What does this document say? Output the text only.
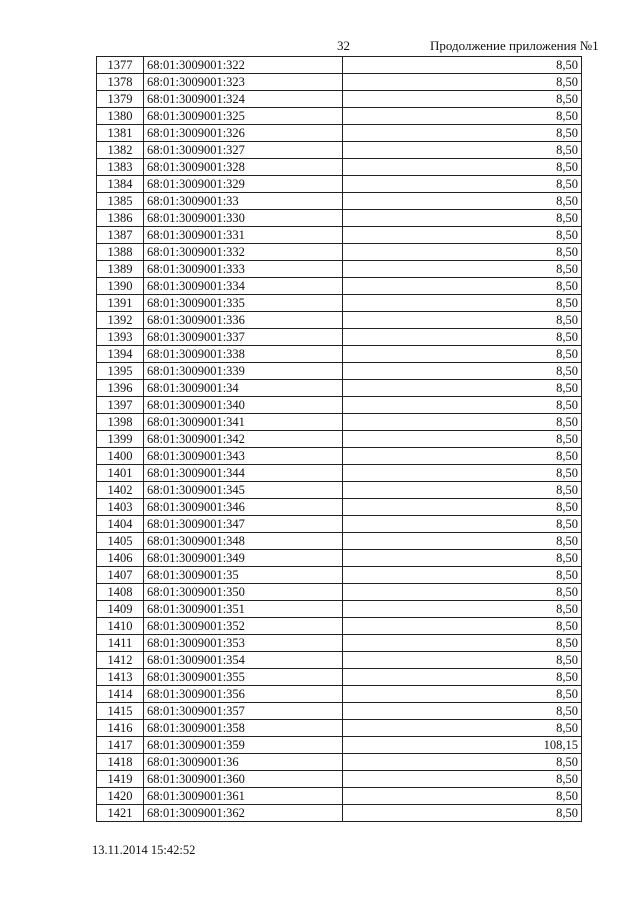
32	Продолжение приложения №1
1377	68:01:3009001:322	8,50
1378	68:01:3009001:323	8,50
1379	68:01:3009001:324	8,50
1380	68:01:3009001:325	8,50
1381	68:01:3009001:326	8,50
1382	68:01:3009001:327	8,50
1383	68:01:3009001:328	8,50
1384	68:01:3009001:329	8,50
1385	68:01:3009001:33	8,50
1386	68:01:3009001:330	8,50
1387	68:01:3009001:331	8,50
1388	68:01:3009001:332	8,50
1389	68:01:3009001:333	8,50
1390	68:01:3009001:334	8,50
1391	68:01:3009001:335	8,50
1392	68:01:3009001:336	8,50
1393	68:01:3009001:337	8,50
1394	68:01:3009001:338	8,50
1395	68:01:3009001:339	8,50
1396	68:01:3009001:34	8,50
1397	68:01:3009001:340	8,50
1398	68:01:3009001:341	8,50
1399	68:01:3009001:342	8,50
1400	68:01:3009001:343	8,50
1401	68:01:3009001:344	8,50
1402	68:01:3009001:345	8,50
1403	68:01:3009001:346	8,50
1404	68:01:3009001:347	8,50
1405	68:01:3009001:348	8,50
1406	68:01:3009001:349	8,50
1407	68:01:3009001:35	8,50
1408	68:01:3009001:350	8,50
1409	68:01:3009001:351	8,50
1410	68:01:3009001:352	8,50
1411	68:01:3009001:353	8,50
1412	68:01:3009001:354	8,50
1413	68:01:3009001:355	8,50
1414	68:01:3009001:356	8,50
1415	68:01:3009001:357	8,50
1416	68:01:3009001:358	8,50
1417	68:01:3009001:359	108,15
1418	68:01:3009001:36	8,50
1419	68:01:3009001:360	8,50
1420	68:01:3009001:361	8,50
1421	68:01:3009001:362	8,50
13.11.2014 15:42:52
